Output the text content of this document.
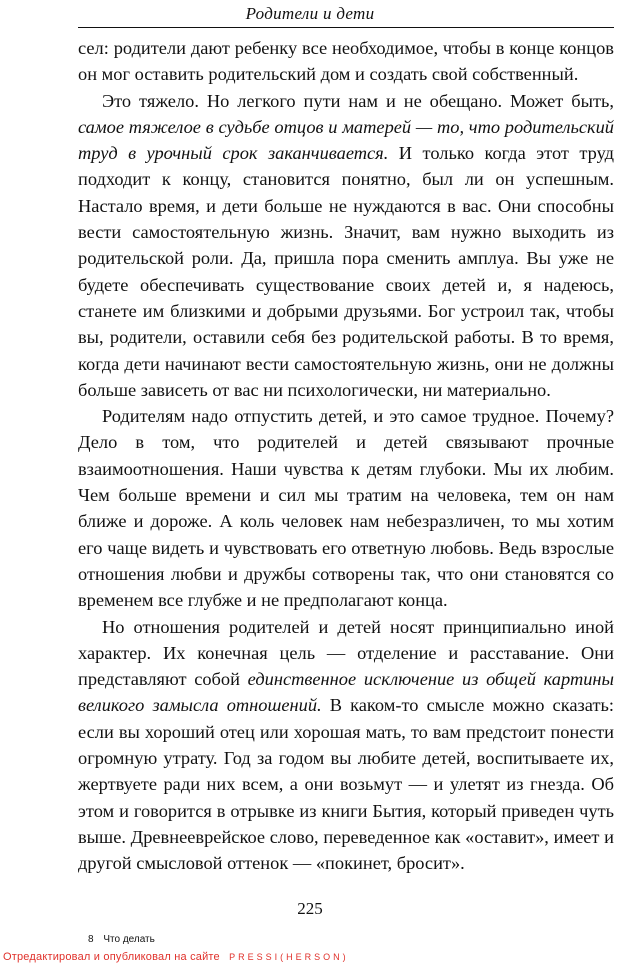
Родители и дети

сел: родители дают ребенку все необходимое, чтобы в конце концов он мог оставить родительский дом и создать свой собственный.

Это тяжело. Но легкого пути нам и не обещано. Может быть, самое тяжелое в судьбе отцов и матерей — то, что родительский труд в урочный срок заканчивается. И только когда этот труд подходит к концу, становится понятно, был ли он успешным. Настало время, и дети больше не нуждаются в вас. Они способны вести самостоятельную жизнь. Значит, вам нужно выходить из родительской роли. Да, пришла пора сменить амплуа. Вы уже не будете обеспечивать существование своих детей и, я надеюсь, станете им близкими и добрыми друзьями. Бог устроил так, чтобы вы, родители, оставили себя без родительской работы. В то время, когда дети начинают вести самостоятельную жизнь, они не должны больше зависеть от вас ни психологически, ни материально.

Родителям надо отпустить детей, и это самое трудное. Почему? Дело в том, что родителей и детей связывают прочные взаимоотношения. Наши чувства к детям глубоки. Мы их любим. Чем больше времени и сил мы тратим на человека, тем он нам ближе и дороже. А коль человек нам небезразличен, то мы хотим его чаще видеть и чувствовать его ответную любовь. Ведь взрослые отношения любви и дружбы сотворены так, что они становятся со временем все глубже и не предполагают конца.

Но отношения родителей и детей носят принципиально иной характер. Их конечная цель — отделение и расставание. Они представляют собой единственное исключение из общей картины великого замысла отношений. В каком-то смысле можно сказать: если вы хороший отец или хорошая мать, то вам предстоит понести огромную утрату. Год за годом вы любите детей, воспитываете их, жертвуете ради них всем, а они возьмут — и улетят из гнезда. Об этом и говорится в отрывке из книги Бытия, который приведен чуть выше. Древнееврейское слово, переведенное как «оставит», имеет и другой смысловой оттенок — «покинет, бросит».

225
8 Что делать
Отредактировал и опубликовал на сайте PRESSI(HERSON)
